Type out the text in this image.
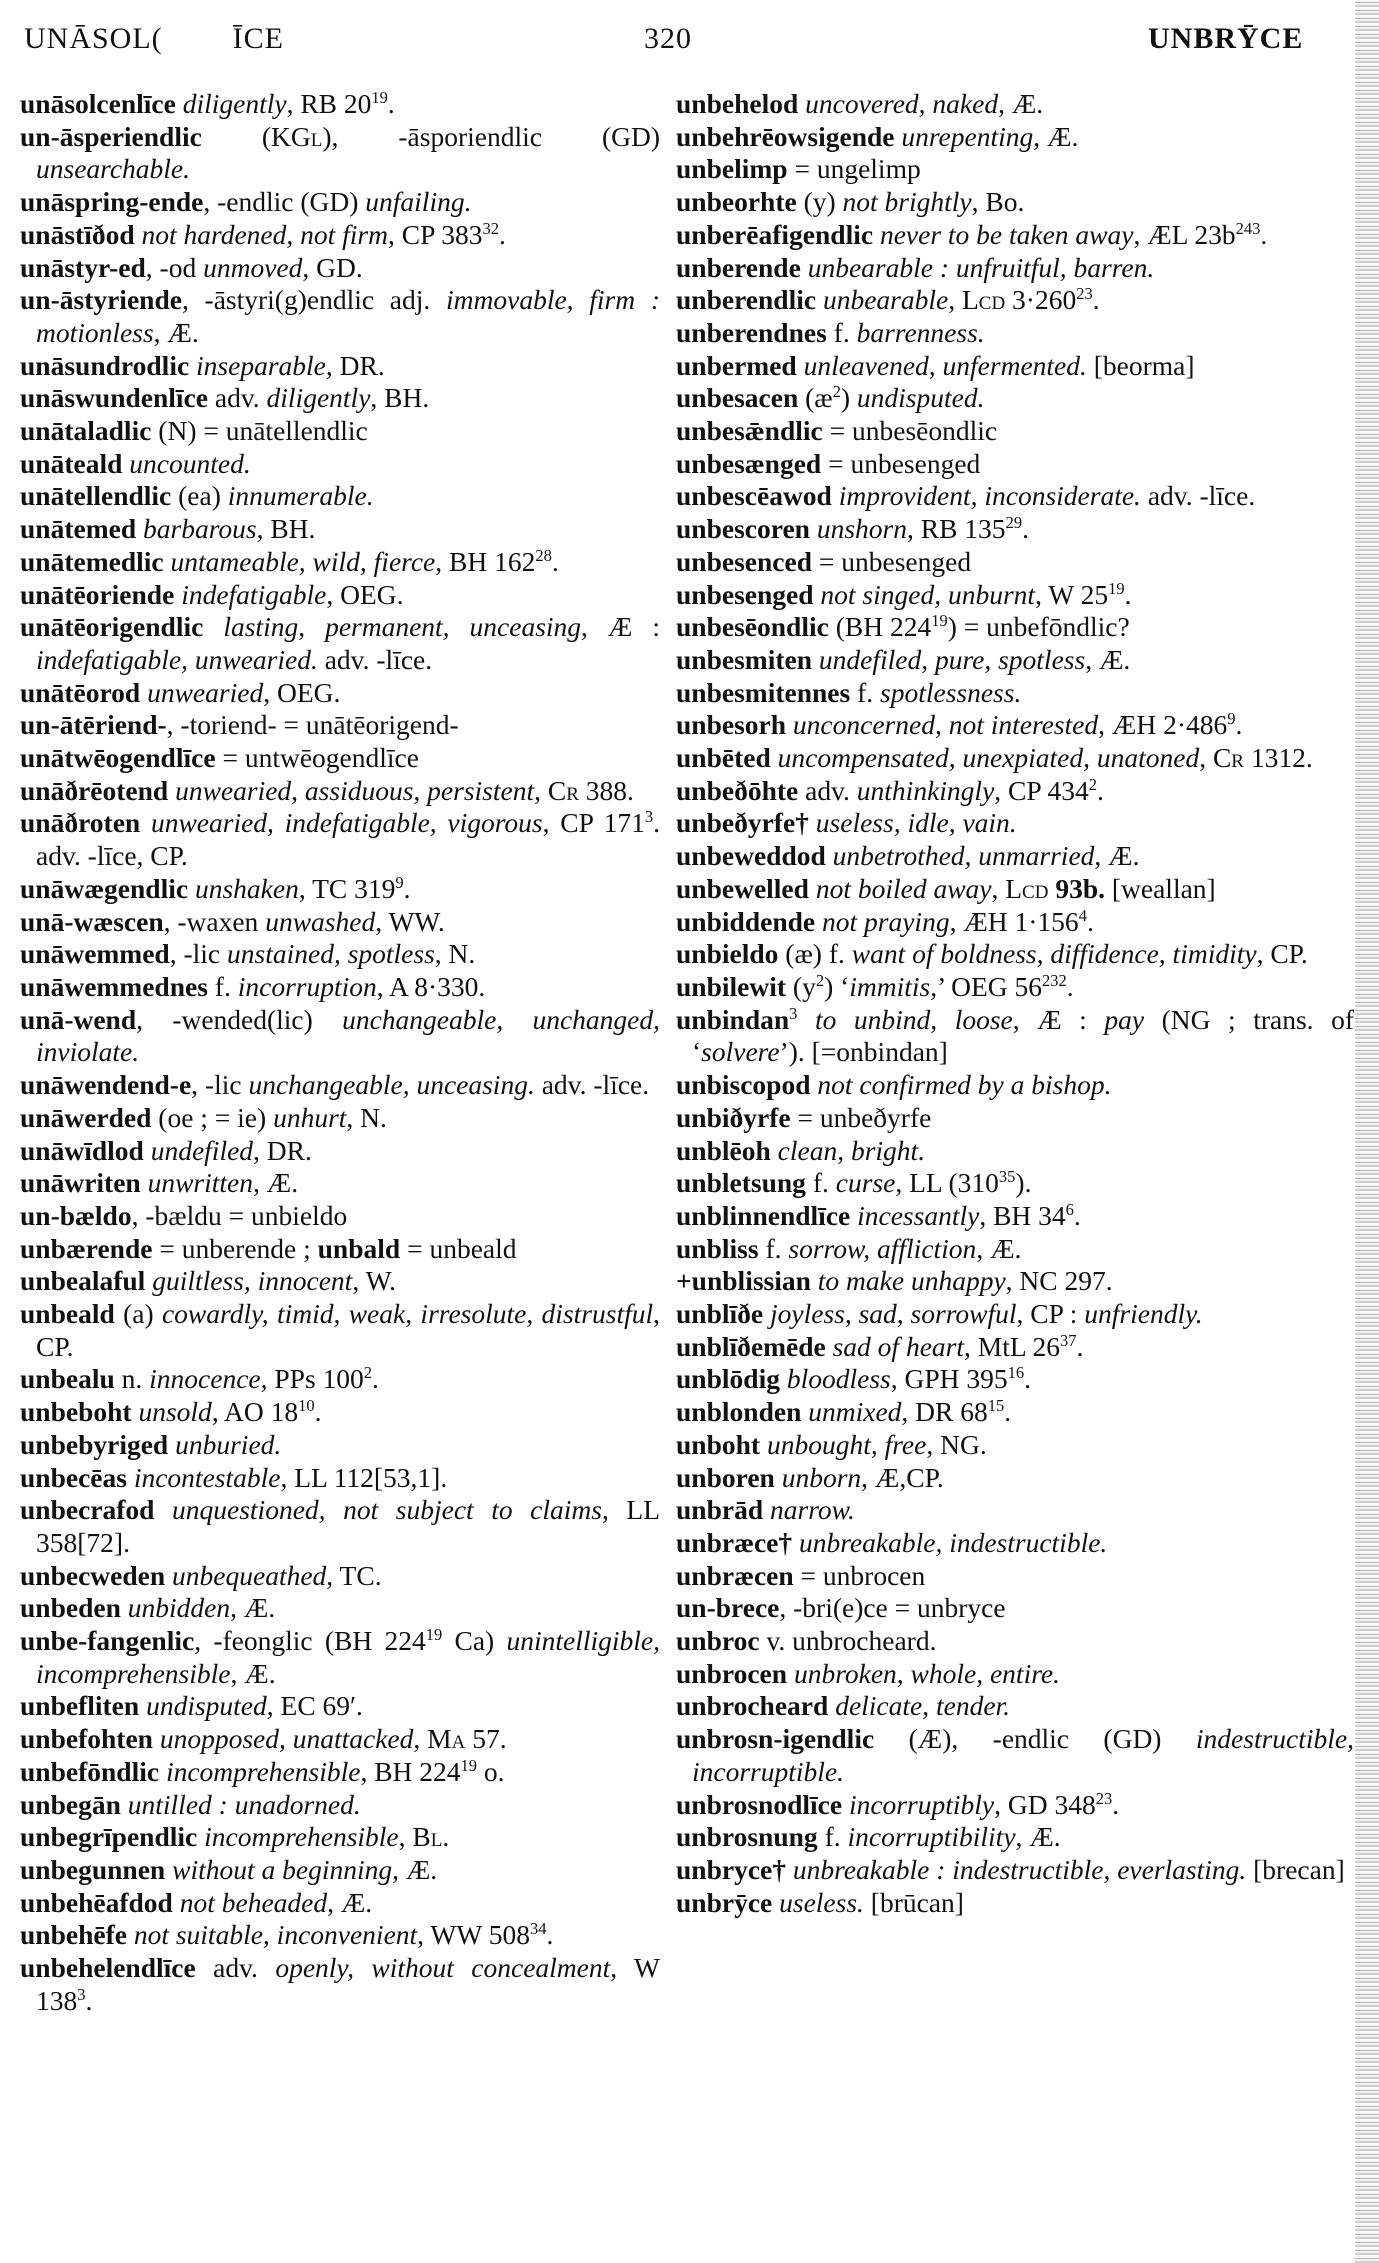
UNĀSOL( ĪCE	320	UNBRȲCE

unāsolcenlīce diligently, RB $20^{19}$.

un-āsperiendlic (KGl), -āsporiendlic (GD) unsearchable.

unāspring-ende, -endlic (GD) unfailing.

unāstīðod not hardened, not firm, CP $383^{32}$.

unāstyr-ed, -od unmoved, GD.

un-āstyriende, -āstyri(g)endlic adj. immovable, firm : motionless, Æ.

unāsundrodlic inseparable, DR.

unāswundenlīce adv. diligently, BH.

unātaladlic (N) = unātellendlic

unāteald uncounted.

unātellendlic (ea) innumerable.

unātemed barbarous, BH.

unātemedlic untameable, wild, fierce, BH $162^{28}$.

unātēoriende indefatigable, OEG.

unātēorigendlic lasting, permanent, unceasing, Æ : indefatigable, unwearied. adv. -līce.

unātēorod unwearied, OEG.

un-ātēriend-, -toriend- = unātēorigend-

unātwēogendlīce = untwēogendlīce

unāðrēotend unwearied, assiduous, persistent, Cr 388.

unāðroten unwearied, indefatigable, vigorous, CP $171^3$. adv. -līce, CP.

unāwægendlic unshaken, TC $319^9$.

unā-wæscen, -waxen unwashed, WW.

unāwemmed, -lic unstained, spotless, N.

unāwemmednes f. incorruption, A 8·330.

unā-wend, -wended(lic) unchangeable, unchanged, inviolate.

unāwendend-e, -lic unchangeable, unceasing. adv. -līce.

unāwerded (oe ; = ie) unhurt, N.

unāwīdlod undefiled, DR.

unāwriten unwritten, Æ.

un-bældo, -bældu = unbieldo

unbærende = unberende ; unbald = unbeald

unbealaful guiltless, innocent, W.

unbeald (a) cowardly, timid, weak, irresolute, distrustful, CP.

unbealu n. innocence, PPs $100^2$.

unbeboht unsold, AO $18^{10}$.

unbebyriged unburied.

unbecēas incontestable, LL 112[53,1].

unbecrafod unquestioned, not subject to claims, LL 358[72].

unbecweden unbequeathed, TC.

unbeden unbidden, Æ.

unbe-fangenlic, -feonglic (BH $224^{19}$ Ca) unintelligible, incomprehensible, Æ.

unbefliten undisputed, EC 69′.

unbefohten unopposed, unattacked, Ma 57.

unbefōndlic incomprehensible, BH $224^{19}$ o.

unbegān untilled : unadorned.

unbegrīpendlic incomprehensible, Bl.

unbegunnen without a beginning, Æ.

unbehēafdod not beheaded, Æ.

unbehēfe not suitable, inconvenient, WW $508^{34}$.

unbehelendlīce adv. openly, without concealment, W $138^3$.

unbehelod uncovered, naked, Æ.

unbehrēowsigende unrepenting, Æ.

unbelimp = ungelimp

unbeorhte (y) not brightly, Bo.

unberēafigendlic never to be taken away, ÆL $23b^{243}$.

unberende unbearable : unfruitful, barren.

unberendlic unbearable, Lcd $3\cdot 260^{23}$.

unberendnes f. barrenness.

unbermed unleavened, unfermented. [beorma]

unbesacen $(æ^2)$ undisputed.

unbesǣndlic = unbesēondlic

unbesænged = unbesenged

unbescēawod improvident, inconsiderate. adv. -līce.

unbescoren unshorn, RB $135^{29}$.

unbesenced = unbesenged

unbesenged not singed, unburnt, W $25^{19}$.

unbesēondlic (BH $224^{19}$) = unbefōndlic?

unbesmiten undefiled, pure, spotless, Æ.

unbesmitennes f. spotlessness.

unbesorh unconcerned, not interested, ÆH $2\cdot 486^9$.

unbēted uncompensated, unexpiated, unatoned, Cr 1312.

unbeðōhte adv. unthinkingly, CP $434^2$.

unbeðyrfe† useless, idle, vain.

unbeweddod unbetrothed, unmarried, Æ.

unbewelled not boiled away, Lcd 93b. [weallan]

unbiddende not praying, ÆH $1\cdot 156^4$.

unbieldo (æ) f. want of boldness, diffidence, timidity, CP.

unbilewit $(y^2)$ ‘immitis,’ OEG $56^{232}$.

unbindan$^3$ to unbind, loose, Æ : pay (NG ; trans. of ‘solvere’). [=onbindan]

unbiscopod not confirmed by a bishop.

unbiðyrfe = unbeðyrfe

unblēoh clean, bright.

unbletsung f. curse, LL $(310^{35})$.

unblinnendlīce incessantly, BH $34^6$.

unbliss f. sorrow, affliction, Æ.

+unblissian to make unhappy, NC 297.

unblīðe joyless, sad, sorrowful, CP : unfriendly.

unblīðemēde sad of heart, MtL $26^{37}$.

unblōdig bloodless, GPH $395^{16}$.

unblonden unmixed, DR $68^{15}$.

unboht unbought, free, NG.

unboren unborn, Æ,CP.

unbrād narrow.

unbræce† unbreakable, indestructible.

unbræcen = unbrocen

un-brece, -bri(e)ce = unbryce

unbroc v. unbrocheard.

unbrocen unbroken, whole, entire.

unbrocheard delicate, tender.

unbrosn-igendlic (Æ), -endlic (GD) indestructible, incorruptible.

unbrosnodlīce incorruptibly, GD $348^{23}$.

unbrosnung f. incorruptibility, Æ.

unbryce† unbreakable : indestructible, everlasting. [brecan]

unbrȳce useless. [brūcan]
